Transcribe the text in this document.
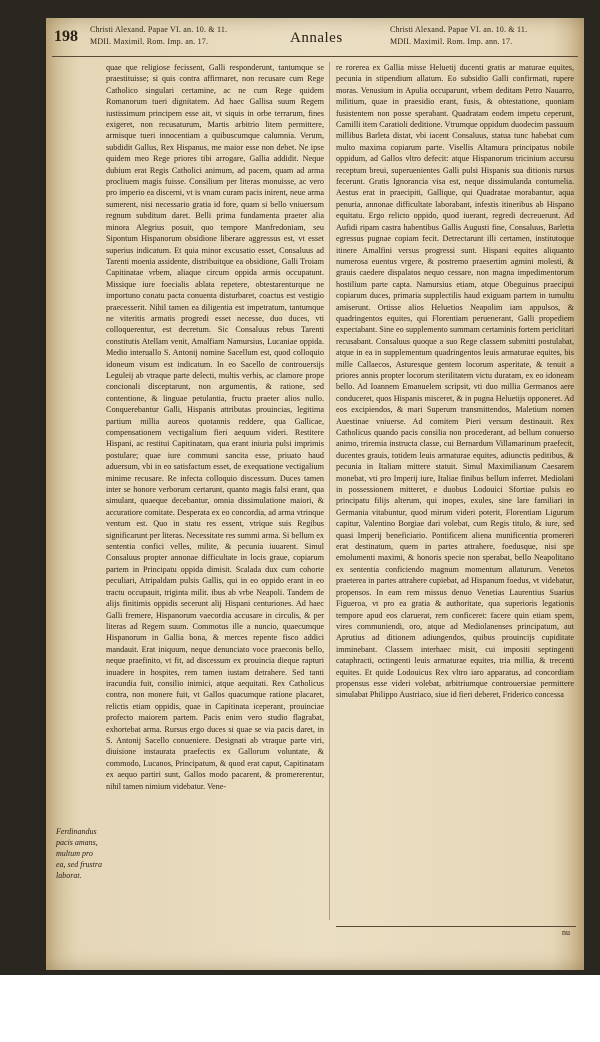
198 Christi Alexand. Papae VI. an. 10. & 11.
MDII. Maximil. Rom. Imp. an. 17.	Annales
Christi Alexand. Papae VI. an. 10. & 11.
MDII. Maximil. Rom. Imp. ann. 17.
Ferdinandus pacis amans, multum pro ea, sed frustra laborat.

quae que religiose fecissent, Galli responderunt, tantumque se praestituisse; si quis contra affirmaret, non recusare cum Rege Catholico singulari certamine, ac ne cum Rege quidem Romanorum tueri dignitatem. Ad haec Gallisa suum Regem iustissimum principem esse ait, vt siquis in orbe terrarum, fines exigeret, non recusaturum, Martis arbitrio litem permittere, armisque tueri innocentiam a quibuscumque calumnia. Verum, subdidit Gallus, Rex Hispanus, me maior esse non debet. Ne ipse quidem meo Rege priores tibi arrogare, Gallia addidit. Neque dubium erat Regis Catholici animum, ad pacem, quam ad arma procliuem magis fuisse. Consilium per literas monuisse, ac vero pro imperio ea discerni, vt is vnam curam pacis inirent, neue arma sumerent, nisi necessario gratia id fore, quam si bello vniuersum regnum subditum daret. Belli prima fundamenta praeter alia minora Alegrius posuit, quo tempore Manfredoniam, seu Sipontum Hispanorum obsidione liberare aggressus est, vt esset superius indicatum. Et quia minor excusatio esset, Consaluus ad Tarenti moenia assidente, distribuitque ea obsidione, Galli Troiam Capitinatae vrbem, aliaque circum oppida armis occupatunt. Missique iure foecialis ablata repetere, obtestarenturque ne importuno conatu pacta conuenta disturbaret, coactus est vestigio praecesserit. Nihil tamen ea diligentia est impetratum, tantumque ne viteritis armatis progredi esset necesse, duo duces, vti colloquerentur, est decretum. Sic Consaluus rebus Tarenti constitutis Atellam venit, Amalfiam Namursius, Lucaniae oppida. Medio interuallo S. Antonij nomine Sacellum est, quod colloquio idoneum visum est indicatum. In eo Sacello de controuersijs Leguleij ab vtraque parte delecti, multis verbis, ac clamore prope concionali disceptarunt, non argumentis, & ratione, sed contentione, & linguae petulantia, fructu praeter alios nullo. Conquerebantur Galli, Hispanis attributas prouincias, legitima partium millia aureos quotannis reddere, qua Gallicae, compensationem vectigalium fieri aequum videri. Restitere Hispani, ac restitui Capitinatam, qua erant iniuria pulsi imprimis postulare; quae iure communi sancita esse, priuato haud aduersum, vbi in eo satisfactum esset, de exequatione vectigalium minime recusare. Re infecta colloquio discessum. Duces tamen inter se honore verborum certarunt, quanto magis falsi erant, qua simulant, quaeque decebantur, omnia dissimulatione maiori, & accuratiore comitate. Desperata ex eo concordia, ad arma vtrinque ventum est. Quo in statu res essent, vtrique suis Regibus significarunt per literas. Necessitate res summi arma. Si bellum ex sententia confici velles, milite, & pecunia iuuarent. Simul Consaluus propter annonae difficultate in locis graue, copiarum partem in Principatu oppida dimisit. Scalada dux cum cohorte peculiari, Atripaldam pulsis Gallis, qui in eo oppido erant in eo tractu occupauit, triginta milit. ibus ab vrbe Neapoli. Tandem de alijs finitimis oppidis secerunt alij Hispani centuriones. Ad haec Galli fremere, Hispanorum vaecordia accusare in circulis, & per literas ad Regem suum. Commotus ille a nuncio, quaecumque Hispanorum in Gallia bona, & merces repente fisco addici mandauit. Erat iniquum, neque denunciato voce praeconis bello, neque praefinito, vt fit, ad discessum ex prouincia dieque rapturi inuadere in hospites, rem tamen iustam detrahere. Sed tanti iracundia fuit, consilio inimici, atque aequitati. Rex Catholicus contra, non monere fuit, vt Gallos quacumque ratione placaret, relictis etiam oppidis, quae in Capitinata iceperant, prouinciae profecto maiorem partem. Pacis enim vero studio flagrabat, exhortebat arma. Rursus ergo duces si quae se via pacis daret, in S. Antonij Sacello conueniere. Designati ab vtraque parte viri, diuisione instaurata praefectis ex Gallorum voluntate, & commodo, Lucanos, Principatum, & quod erat caput, Capitinatam ex aequo partiri sunt, Gallos modo pacarent, & promererentur, nihil tamen nimium videbatur. Vene-

re rorerea ex Gallia misse Heluetij ducenti gratis ar maturae equites, pecunia in stipendium allatum. Eo subsidio Galli confirmati, rupere moras. Venusium in Apulia occuparunt, vrbem deditam Petro Nauarro, militium, quae in praesidio erant, fusis, & obtestatione, quoniam fusistentem non posse sperabant. Quadratam eodem impetu ceperunt, Camilli item Caratioli deditione. Vtrumque oppidum duodecim passuum millibus Barleta distat, vbi iacent Consaluus, statua tunc habebat cum multo maxima copiarum parte. Visellis Altamura principatus nobile oppidum, ad Gallos vltro defecit: atque Hispanorum tricinium accursu receptum breui, superuenientes Galli pulsi Hispanis sua ditionis rursus fecerunt. Gratis Ignorancia visa est, neque dissimulanda contumelia. Aestus erat in praecipiti, Gallique, qui Quadratae morabantur, aqua penuria, annonae difficultate laborabant, infestis itineribus ab Hispano equitatu. Ergo relicto oppido, quod iuerant, regredi decreuerunt. Ad Aufidi ripam castra habentibus Gallis Augusti fine, Consaluus, Barletta egressus pugnae copiam fecit. Detrectarunt illi certamen, institutoque itinere Amalfini versus progressi sunt. Hispani equites aliquanto numerosa euentus vrgere, & postremo praesertim agmini molesti, & grauis caedere dispalatos nequo cessare, non magna impedimentorum hostilium parte capta. Namursius etiam, atque Obeguinus praecipui copiarum duces, primaria supplectilis haud exiguam partem in tumultu amiserunt. Ortisse alios Heluetios Neapolim iam appulsos, & quadringentos equites, qui Florentiam peruenerant, Galli propediem expectabant. Sine eo supplemento summam certaminis fortem periclitari recusabant. Consaluus quoque a suo Rege classem submitti postulabat, atque in ea in supplementum quadringentos leuis armaturae equites, bis mille Callaecos, Asturesque gentem locorum asperitate, & tenuit a priores annis propter locorum sterilitatem victu duratam, ex eo idoneam bello. Ad Ioannem Emanuelem scripsit, vti duo millia Germanos aere conduceret, quos Hispanis misceret, & in pugna Heluetijs opponeret. Ad eos excipiendos, & mari Superum transmittendos, Maletium nomen Auestinae vniuerse. Ad comitem Pieri versum destinauit. Rex Catholicus quando pacis consilia non procederant, ad bellum conuerso animo, triremia instructa classe, cui Bernardum Villamarinum praefecit, ducentes grauis, totidem leuis armaturae equites, adiunctis peditibus, & pecunia in Italiam mittere statuit. Simul Maximilianum Caesarem monebat, vti pro Imperij iure, Italiae finibus bellum inferret. Mediolani in possessionem mitteret, e duobus Lodouici Sfortiae pulsis eo principatu filijs alterum, qui inopes, exules, sine lare familiari in Germania vitabuntur, quod mirum videri poterit, Florentiam Ligurum capitur, Valentino Borgiae dari volebat, cum Regis titulo, & iure, sed quasi Imperij beneficiario. Pontificem aliena munificentia promereri erat destinatum, quem in partes attrahere, foedusque, nisi spe emolumenti maximi, & honoris specie non sperabat, bello Neapolitano ex sententia conficiendo magnum momentum allaturum. Venetos praeterea in partes attrahere cupiebat, ad Hispanum foedus, vt videbatur, propensos. In eam rem missus denuo Venetias Laurentius Suarius Figueroa, vt pro ea gratia & authoritate, qua superioris legationis tempore apud eos claruerat, rem conficeret: facere quin etiam spem, vires communiendi, oro, atque ad Mediolanenses principatum, aut Aprutius ad ditionem adiungendos, quibus prouincijs cupiditate imminebant. Classem interhaec misit, cui impositi septingenti cataphracti, octingenti leuis armaturae equites, tria millia, & trecenti equites. Et quide Lodouicus Rex vltro iaro apparatus, ad concordiam propensus esse videri volebat, arbitriumque controuersiae permittere simulabat Philippo Austriaco, siue id fieri deberet, Friderico concessa

nu
